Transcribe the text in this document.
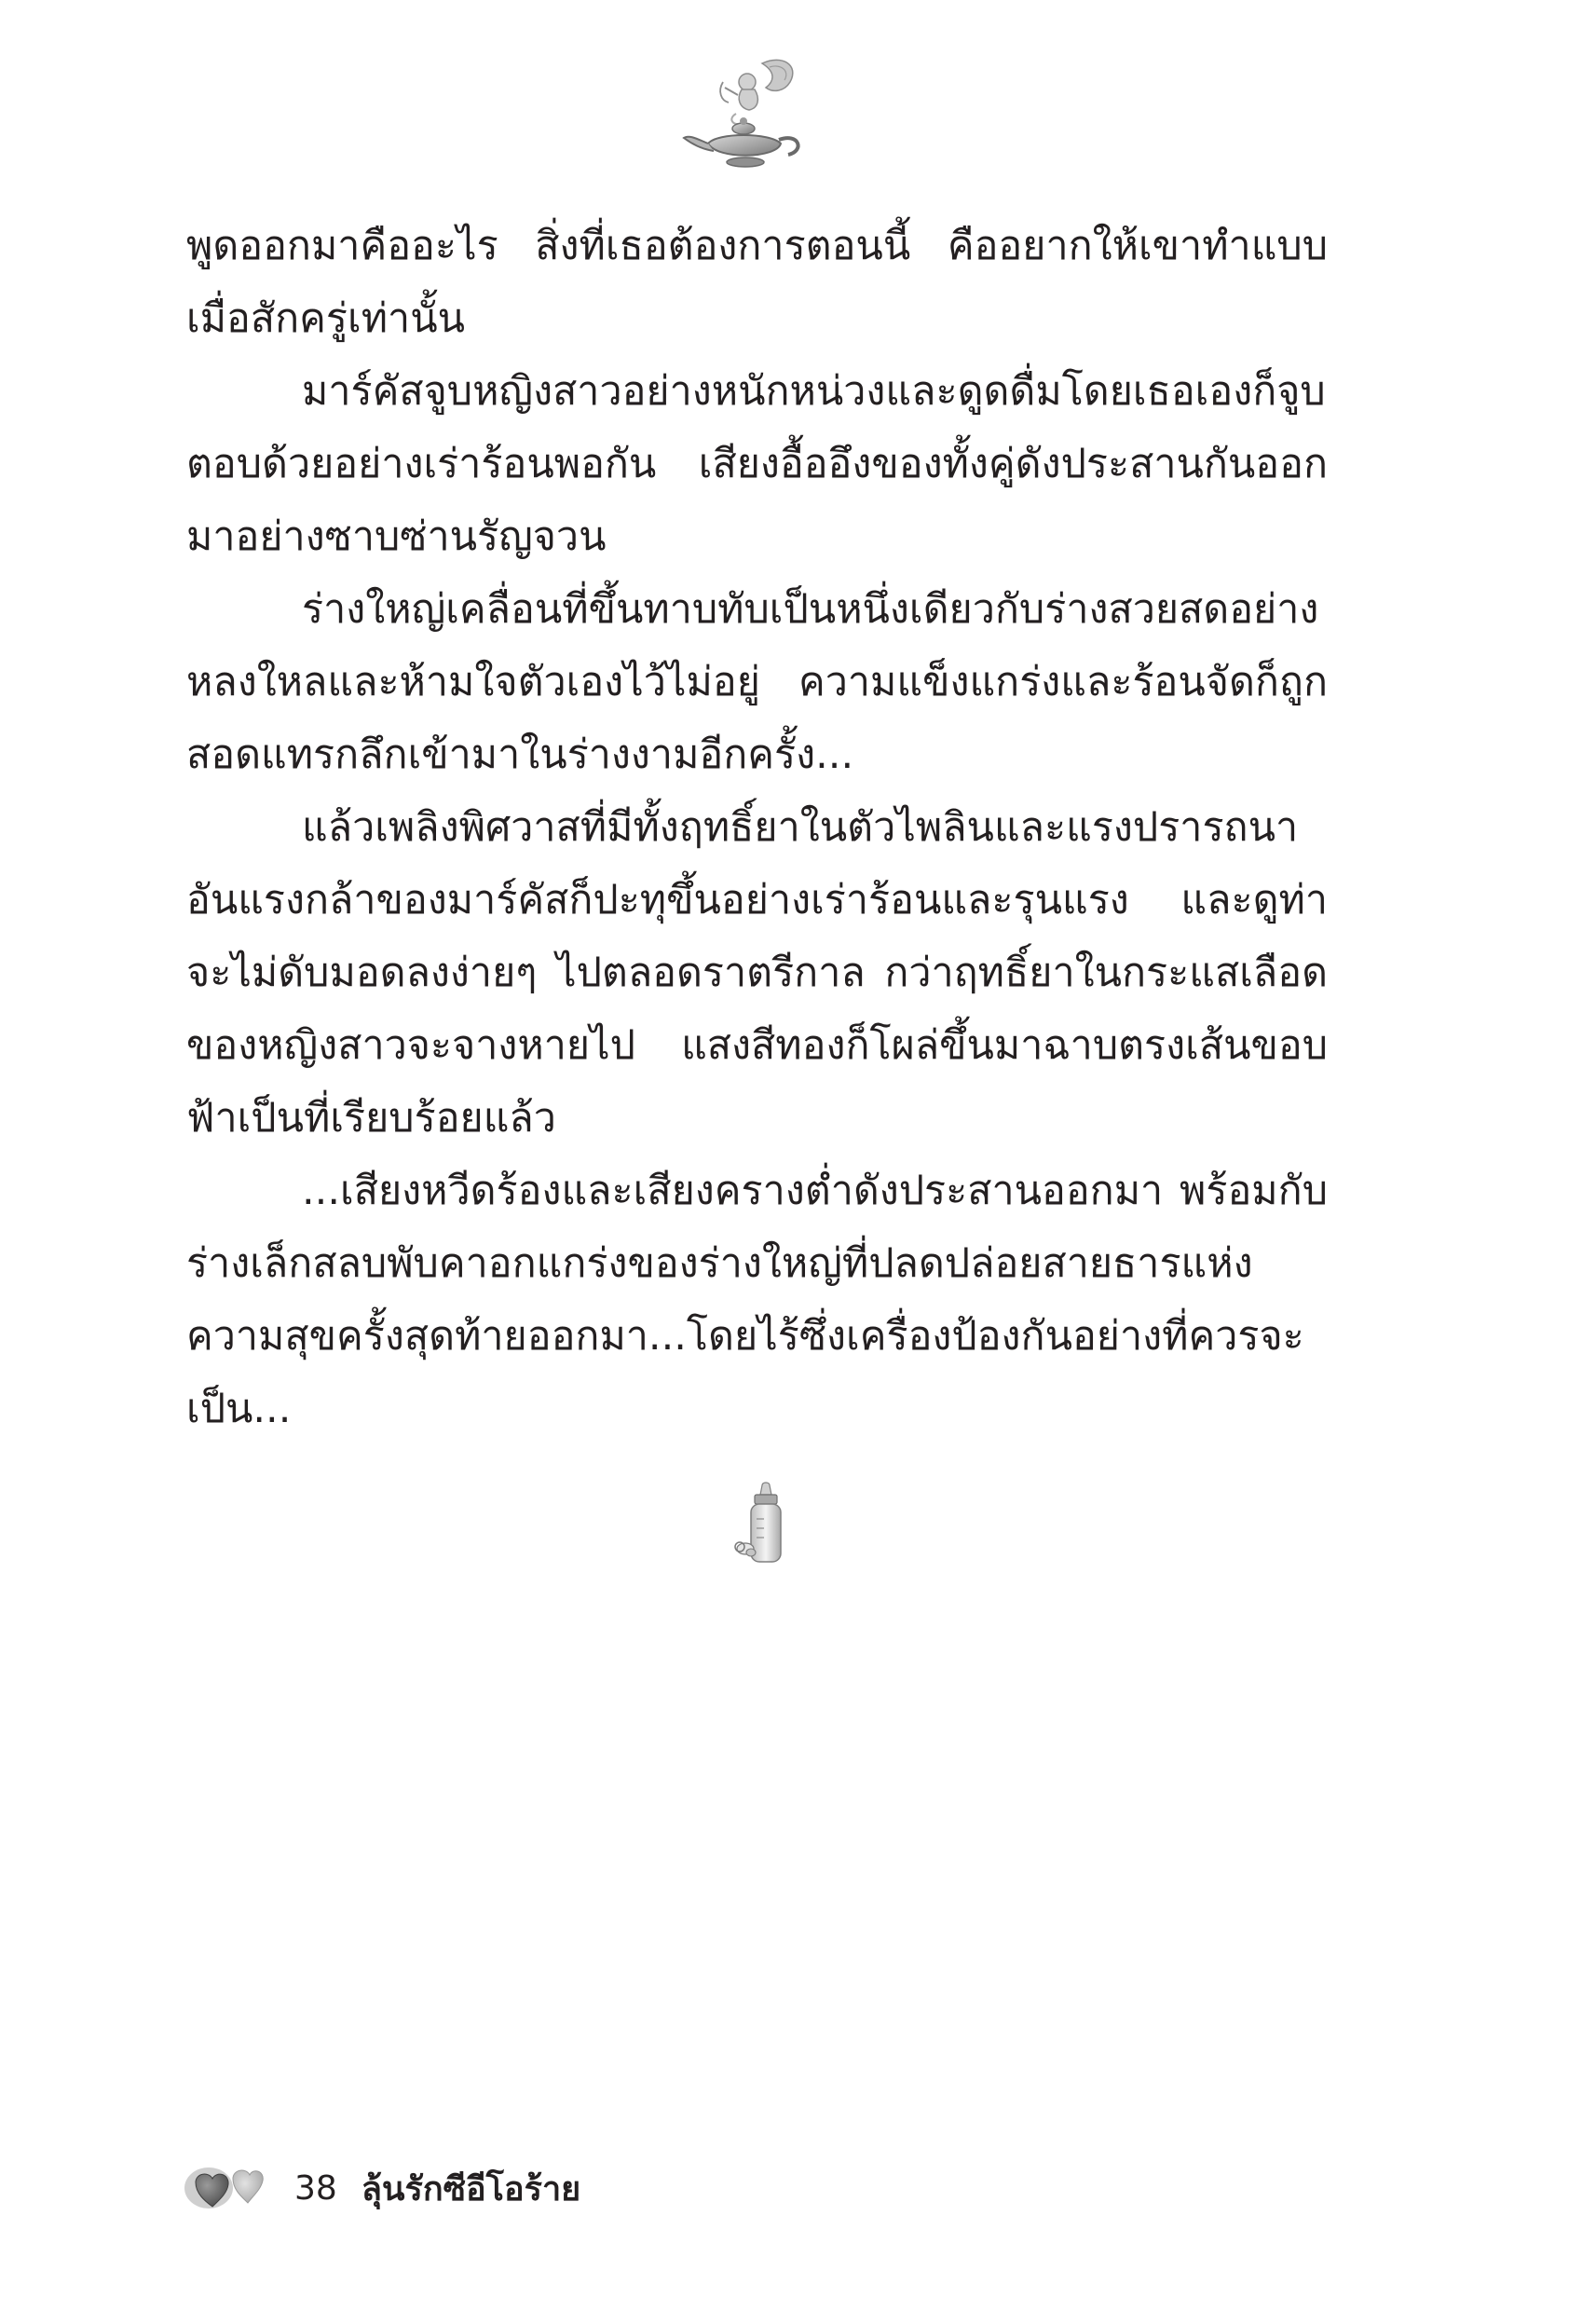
พูดออกมาคืออะไร สิ่งที่เธอต้องการตอนนี้ คืออยากให้เขาทำแบบเมื่อสักครู่เท่านั้น

มาร์คัสจูบหญิงสาวอย่างหนักหน่วงและดูดดื่มโดยเธอเองก็จูบตอบด้วยอย่างเร่าร้อนพอกัน เสียงอื้ออึงของทั้งคู่ดังประสานกันออกมาอย่างซาบซ่านรัญจวน

ร่างใหญ่เคลื่อนที่ขึ้นทาบทับเป็นหนึ่งเดียวกับร่างสวยสดอย่างหลงใหลและห้ามใจตัวเองไว้ไม่อยู่ ความแข็งแกร่งและร้อนจัดก็ถูกสอดแทรกลึกเข้ามาในร่างงามอีกครั้ง...

แล้วเพลิงพิศวาสที่มีทั้งฤทธิ์ยาในตัวไพลินและแรงปรารถนาอันแรงกล้าของมาร์คัสก็ปะทุขึ้นอย่างเร่าร้อนและรุนแรง และดูท่าจะไม่ดับมอดลงง่ายๆ ไปตลอดราตรีกาล กว่าฤทธิ์ยาในกระแสเลือดของหญิงสาวจะจางหายไป แสงสีทองก็โผล่ขึ้นมาฉาบตรงเส้นขอบฟ้าเป็นที่เรียบร้อยแล้ว

...เสียงหวีดร้องและเสียงครางต่ำดังประสานออกมา พร้อมกับร่างเล็กสลบพับคาอกแกร่งของร่างใหญ่ที่ปลดปล่อยสายธารแห่งความสุขครั้งสุดท้ายออกมา...โดยไร้ซึ่งเครื่องป้องกันอย่างที่ควรจะเป็น...

38 ลุ้นรักซีอีโอร้าย
